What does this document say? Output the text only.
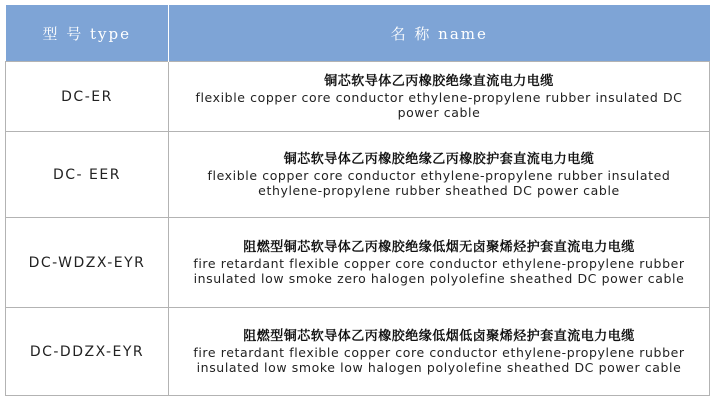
型 号 type	名 称 name
DC-ER	铜芯软导体乙丙橡胶绝缘直流电力电缆
flexible copper core conductor ethylene-propylene rubber insulated DC power cable

DC- EER	铜芯软导体乙丙橡胶绝缘乙丙橡胶护套直流电力电缆
flexible copper core conductor ethylene-propylene rubber insulated ethylene-propylene rubber sheathed DC power cable

DC-WDZX-EYR	阻燃型铜芯软导体乙丙橡胶绝缘低烟无卤聚烯烃护套直流电力电缆
fire retardant flexible copper core conductor ethylene-propylene rubber insulated low smoke zero halogen polyolefine sheathed DC power cable

DC-DDZX-EYR	阻燃型铜芯软导体乙丙橡胶绝缘低烟低卤聚烯烃护套直流电力电缆
fire retardant flexible copper core conductor ethylene-propylene rubber insulated low smoke low halogen polyolefine sheathed DC power cable
